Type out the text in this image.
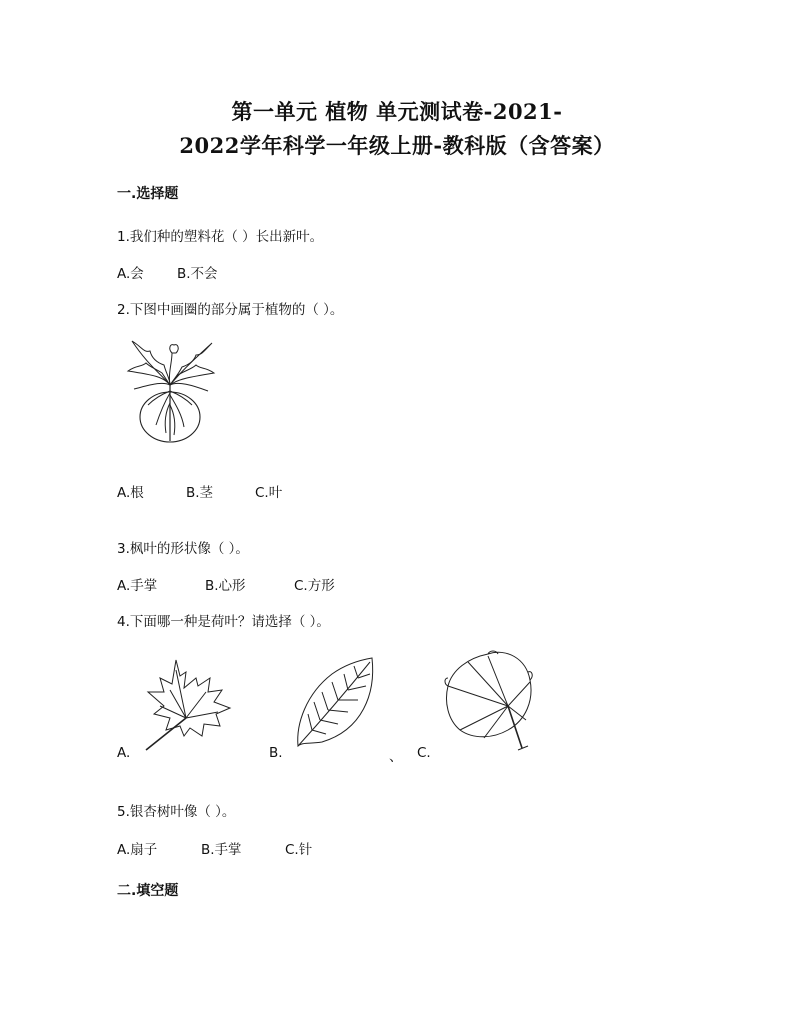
第一单元 植物 单元测试卷-2021-
2022学年科学一年级上册-教科版（含答案）
一.选择题
1.我们种的塑料花（ ）长出新叶。
A.会 B.不会
2.下图中画圈的部分属于植物的（ ）。
A.根	B.茎	C.叶
3.枫叶的形状像（ ）。
A.手掌	B.心形	C.方形
4.下面哪一种是荷叶？请选择（ ）。
A.	B.	、 C.
5.银杏树叶像（ ）。
A.扇子	B.手掌	C.针
二.填空题
